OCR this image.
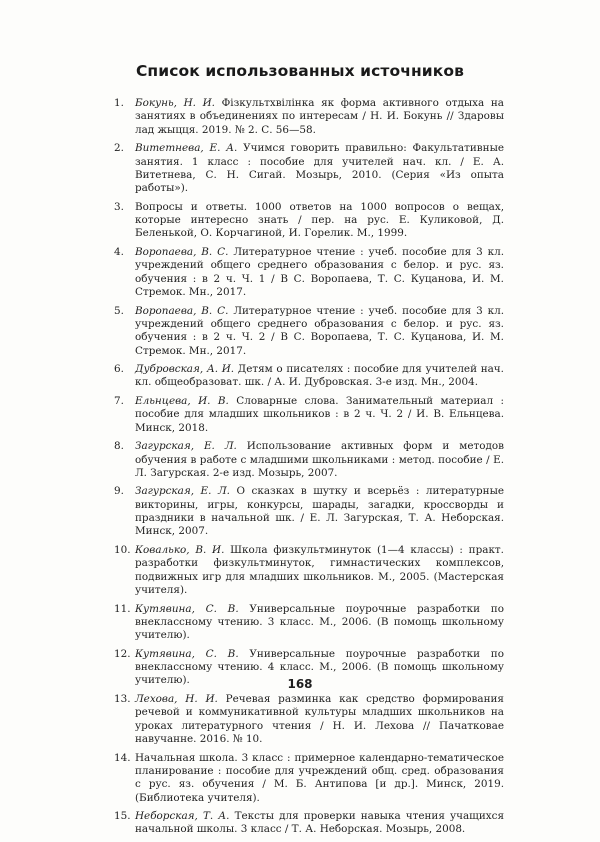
Список использованных источников
1.	Бокунь, Н. И. Фізкультхвілінка як форма активного отдыха на занятиях в объединениях по интересам / Н. И. Бокунь // Здаровы лад жыцця. 2019. № 2. С. 56—58.
2.	Витетнева, Е. А. Учимся говорить правильно: Факультативные занятия. 1 класс : пособие для учителей нач. кл. / Е. А. Витетнева, С. Н. Сигай. Мозырь, 2010. (Серия «Из опыта работы»).
3.	Вопросы и ответы. 1000 ответов на 1000 вопросов о вещах, которые интересно знать / пер. на рус. Е. Куликовой, Д. Беленькой, О. Корчагиной, И. Горелик. М., 1999.
4.	Воропаева, В. С. Литературное чтение : учеб. пособие для 3 кл. учреждений общего среднего образования с белор. и рус. яз. обучения : в 2 ч. Ч. 1 / В С. Воропаева, Т. С. Куцанова, И. М. Стремок. Мн., 2017.
5.	Воропаева, В. С. Литературное чтение : учеб. пособие для 3 кл. учреждений общего среднего образования с белор. и рус. яз. обучения : в 2 ч. Ч. 2 / В С. Воропаева, Т. С. Куцанова, И. М. Стремок. Мн., 2017.
6.	Дубровская, А. И. Детям о писателях : пособие для учителей нач. кл. общеобразоват. шк. / А. И. Дубровская. 3-е изд. Мн., 2004.
7.	Ельнцева, И. В. Словарные слова. Занимательный материал : пособие для младших школьников : в 2 ч. Ч. 2 / И. В. Ельнцева. Минск, 2018.
8.	Загурская, Е. Л. Использование активных форм и методов обучения в работе с младшими школьниками : метод. пособие / Е. Л. Загурская. 2-е изд. Мозырь, 2007.
9.	Загурская, Е. Л. О сказках в шутку и всерьёз : литературные викторины, игры, конкурсы, шарады, загадки, кроссворды и праздники в начальной шк. / Е. Л. Загурская, Т. А. Неборская. Минск, 2007.
10. Ковалько, В. И. Школа физкультминуток (1—4 классы) : практ. разработки физкультминуток, гимнастических комплексов, подвижных игр для младших школьников. М., 2005. (Мастерская учителя).
11. Кутявина, С. В. Универсальные поурочные разработки по внеклассному чтению. 3 класс. М., 2006. (В помощь школьному учителю).
12. Кутявина, С. В. Универсальные поурочные разработки по внеклассному чтению. 4 класс. М., 2006. (В помощь школьному учителю).
13. Лехова, Н. И. Речевая разминка как средство формирования речевой и коммуникативной культуры младших школьников на уроках литературного чтения / Н. И. Лехова // Пачатковае навучанне. 2016. № 10.
14. Начальная школа. 3 класс : примерное календарно-тематическое планирование : пособие для учреждений общ. сред. образования с рус. яз. обучения / М. Б. Антипова [и др.]. Минск, 2019. (Библиотека учителя).
15. Неборская, Т. А. Тексты для проверки навыка чтения учащихся начальной школы. 3 класс / Т. А. Неборская. Мозырь, 2008.
168
